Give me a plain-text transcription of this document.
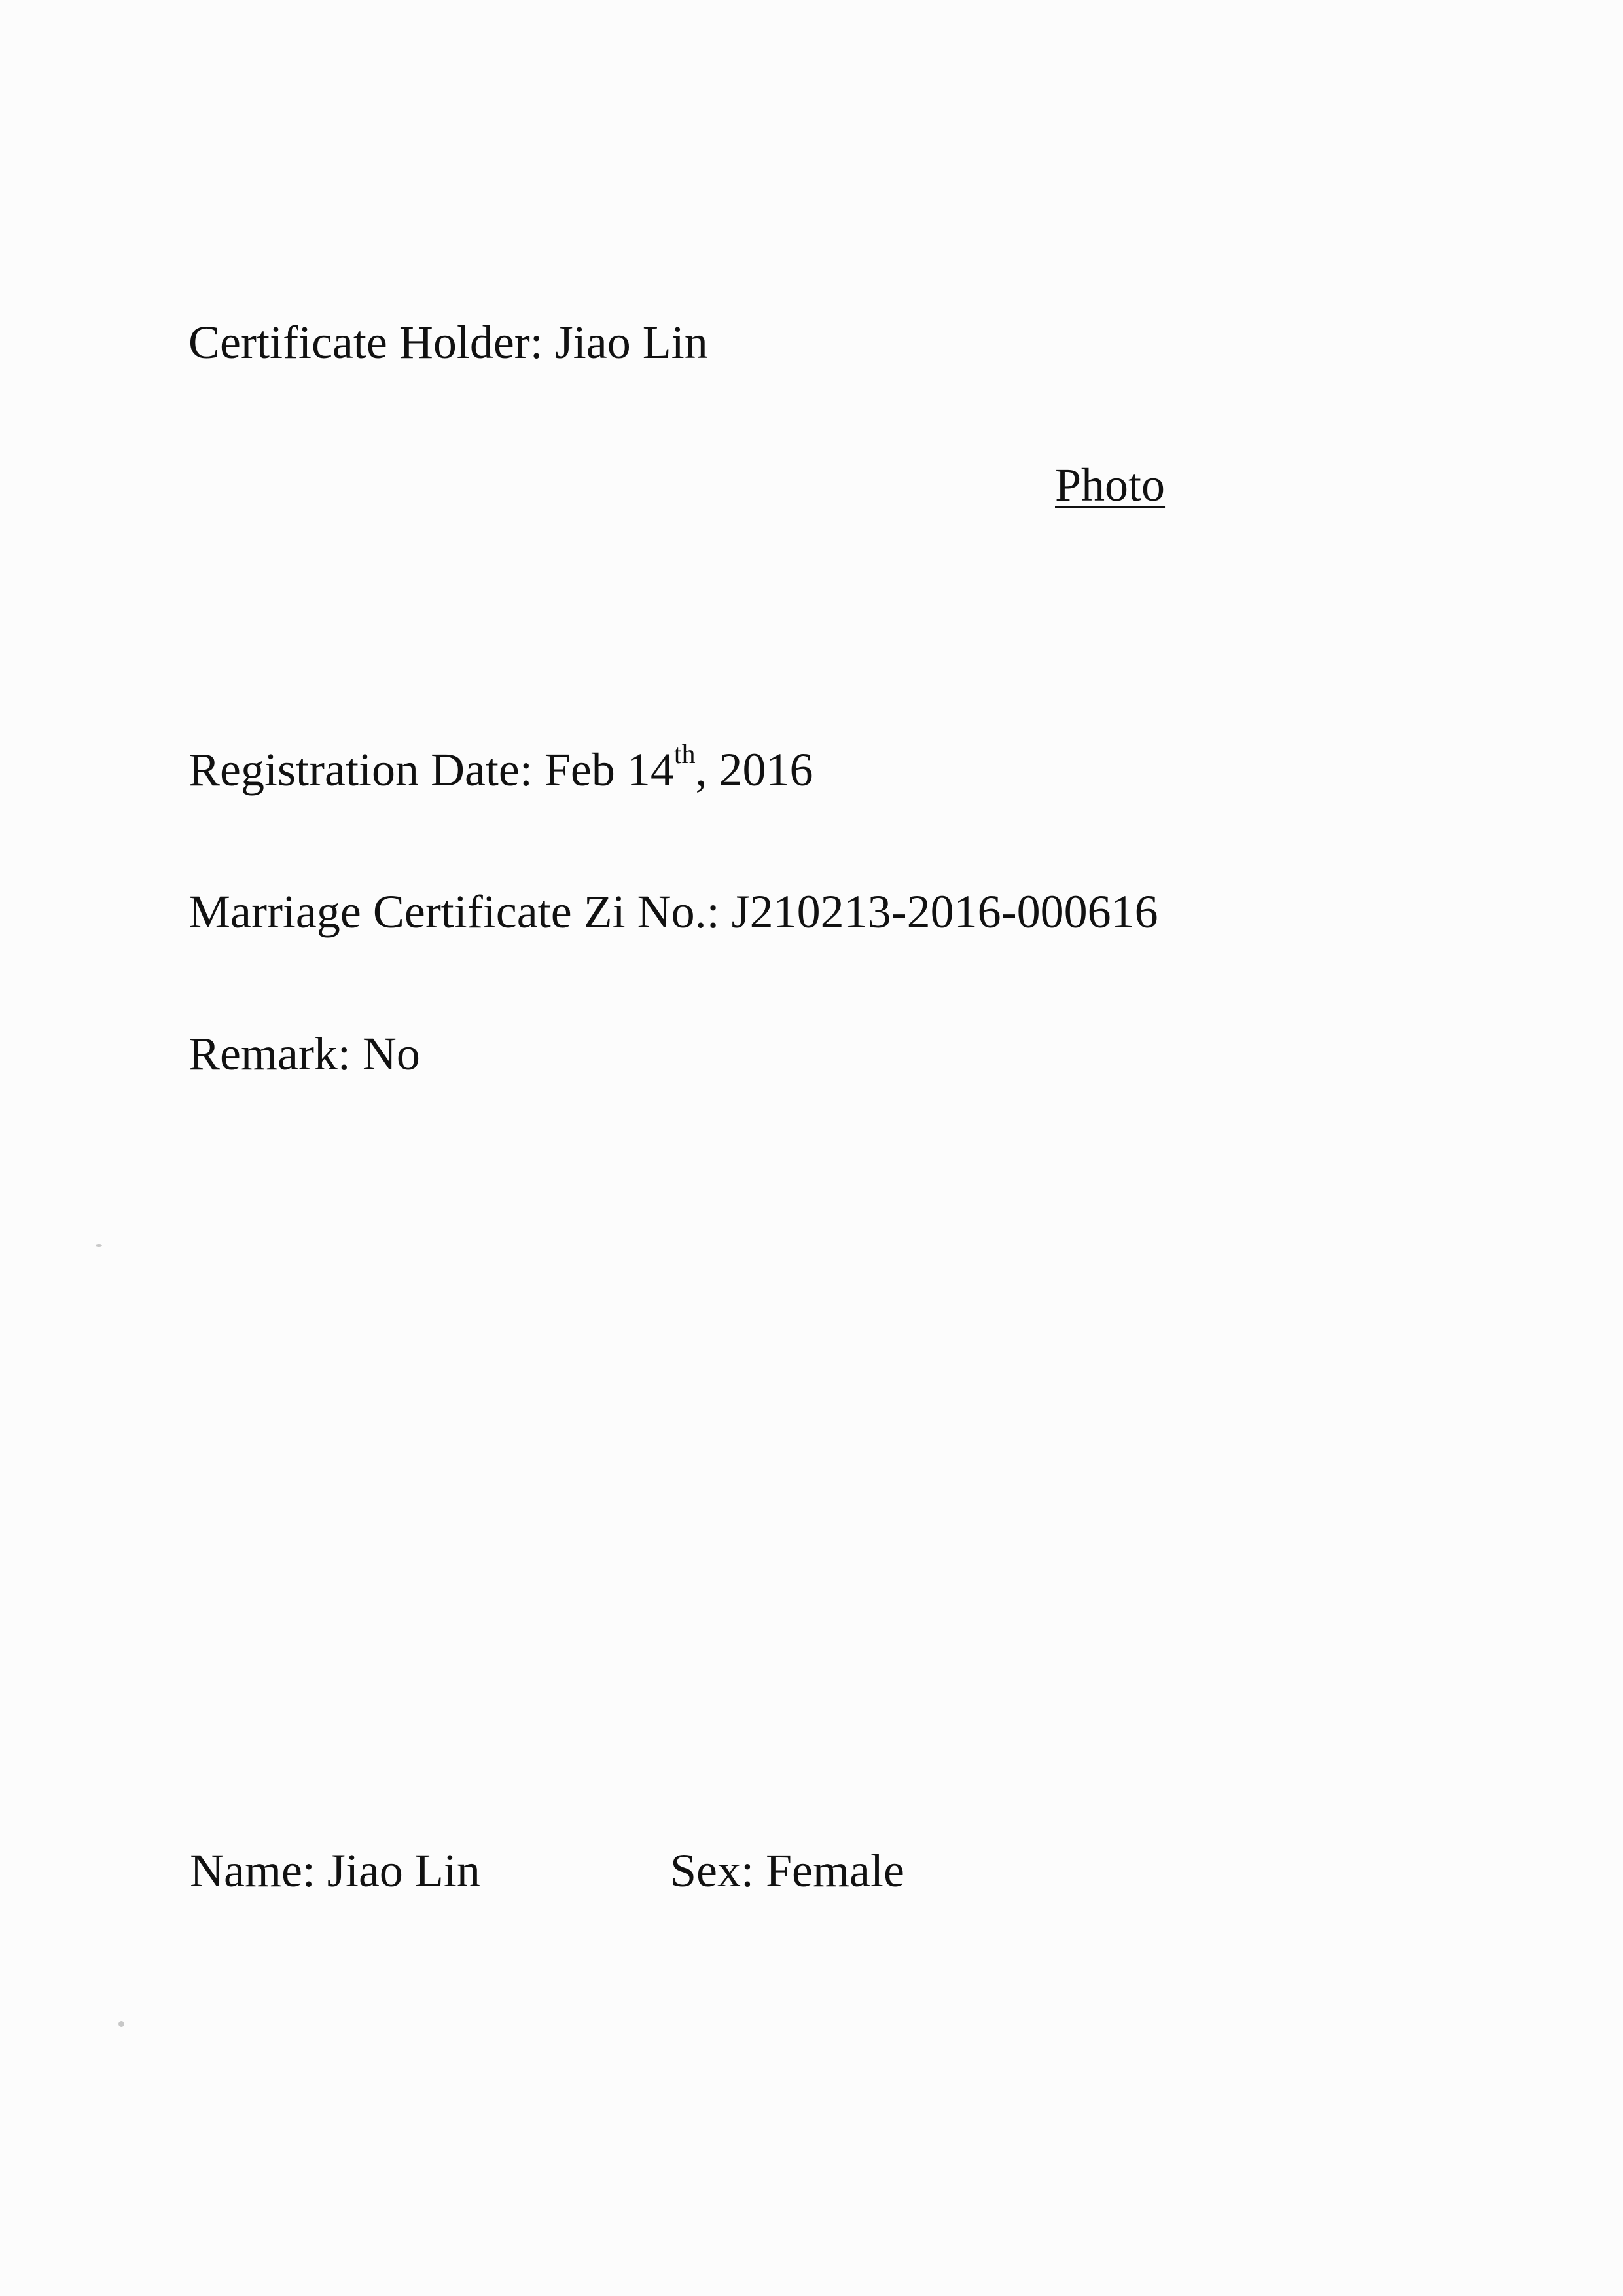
Certificate Holder: Jiao Lin
Photo
Registration Date: Feb 14th, 2016
Marriage Certificate Zi No.: J210213-2016-000616
Remark: No
Name: Jiao Lin	Sex: Female
